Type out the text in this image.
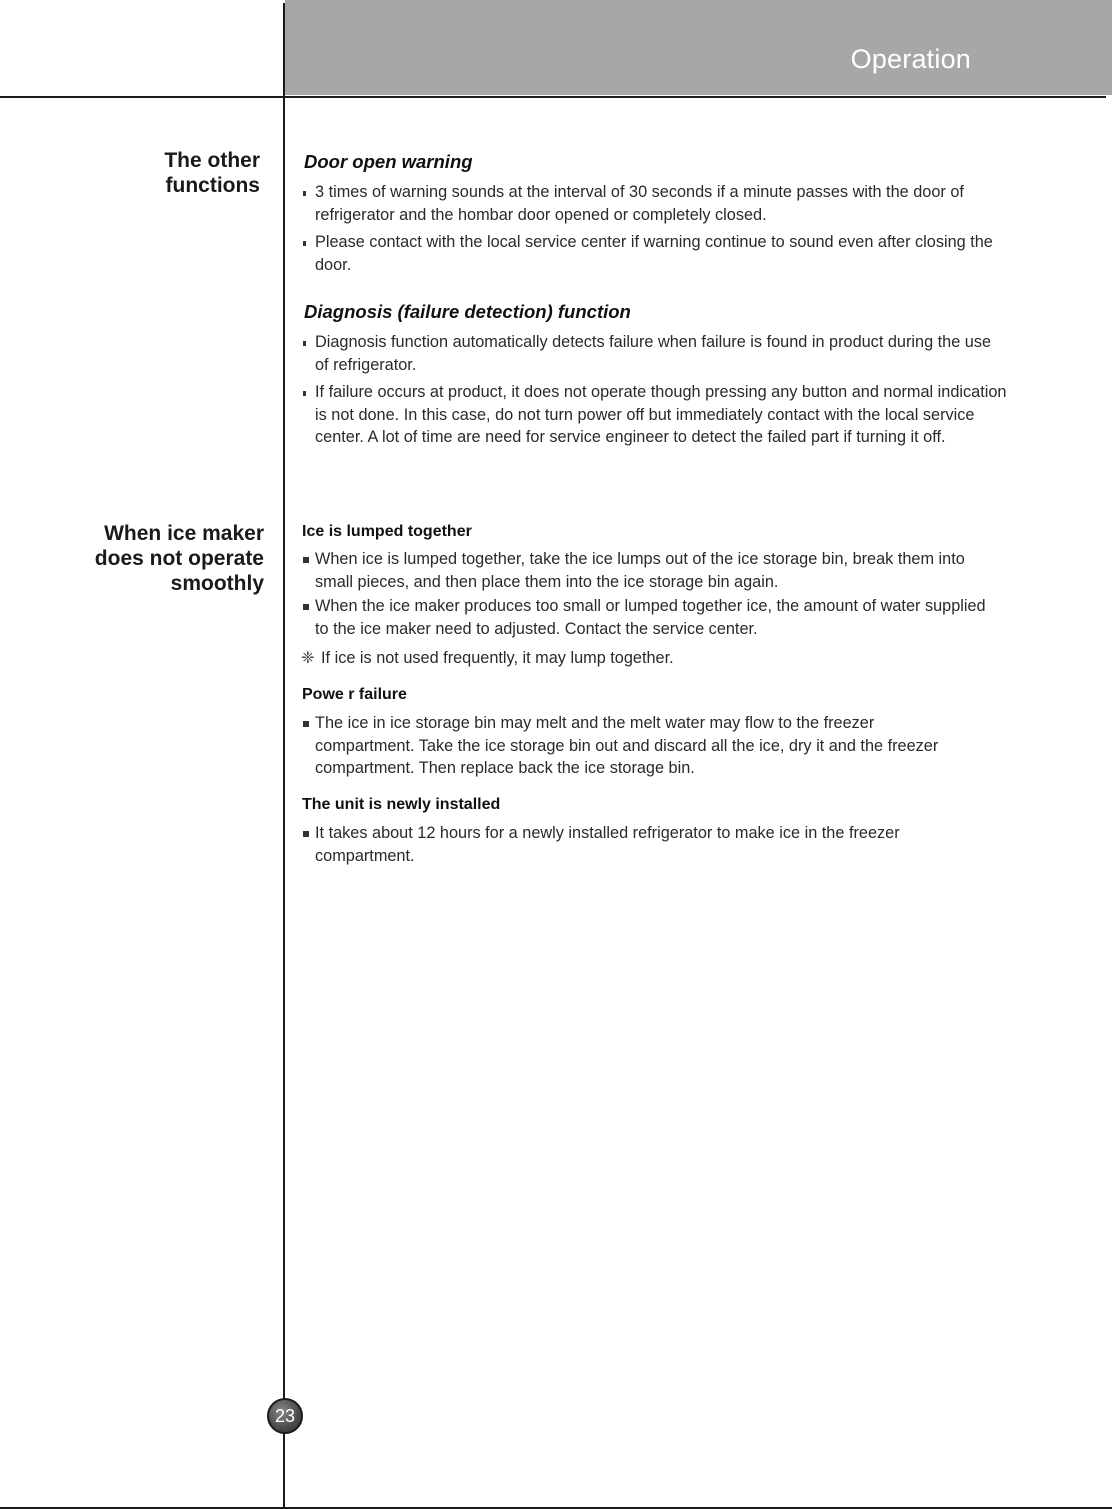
Operation
The other
functions
When ice maker
does not operate
smoothly
Door open warning
3 times of warning sounds at the interval of 30 seconds if a minute passes with the door of refrigerator and the hombar door opened or completely closed.
Please contact with the local service center if warning continue to sound even after closing the door.
Diagnosis (failure detection) function
Diagnosis function automatically detects failure when failure is found in product during the use of refrigerator.
If failure occurs at product, it does not operate though pressing any button and normal indication is not done. In this case, do not turn power off but immediately contact with the local service center. A lot of time are need for service engineer to detect the failed part if turning it off.
Ice is lumped together
When ice is lumped together, take the ice lumps out of the ice storage bin, break them into small pieces, and then place them into the ice storage bin again.
When the ice maker produces too small or lumped together ice, the amount of water supplied to the ice maker need to adjusted. Contact the service center.
❈ If ice is not used frequently, it may lump together.
Powe r failure
The ice in ice storage bin may melt and the melt water may flow to the freezer compartment. Take the ice storage bin out and discard all the ice, dry it and the freezer compartment. Then replace back the ice storage bin.
The unit is newly installed
It takes about 12 hours for a newly installed refrigerator to make ice in the freezer compartment.
23
